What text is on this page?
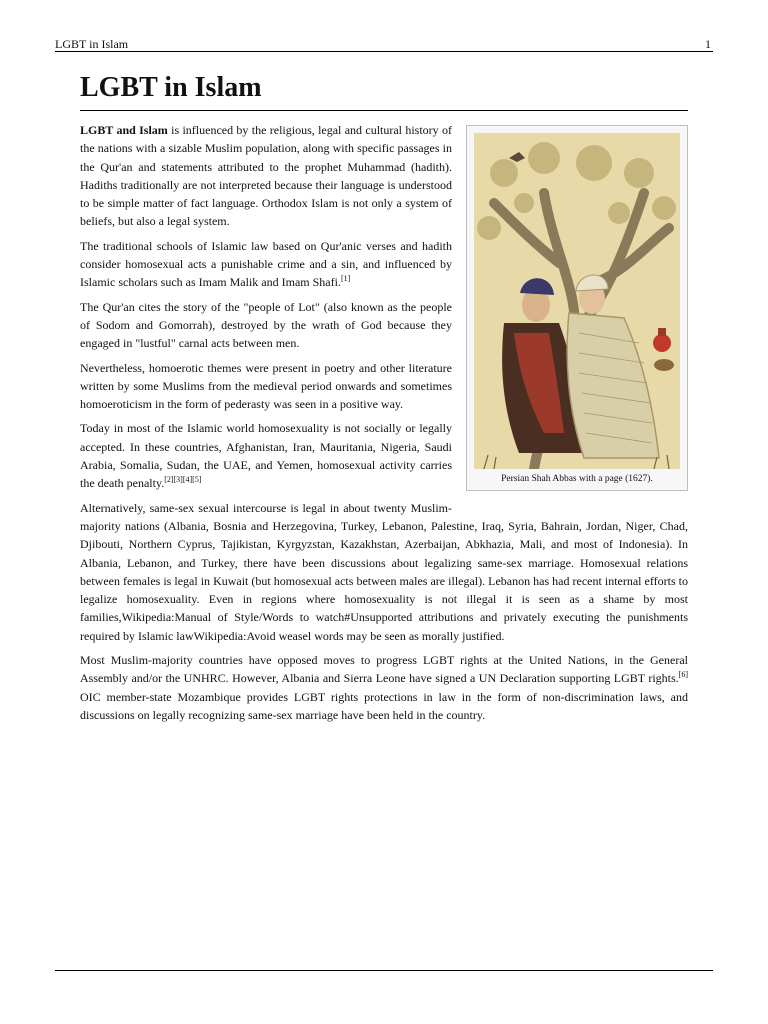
LGBT in Islam	1
LGBT in Islam
Persian Shah Abbas with a page (1627).

LGBT and Islam is influenced by the religious, legal and cultural history of the nations with a sizable Muslim population, along with specific passages in the Qur'an and statements attributed to the prophet Muhammad (hadith). Hadiths traditionally are not interpreted because their language is understood to be simple matter of fact language. Orthodox Islam is not only a system of beliefs, but also a legal system.

The traditional schools of Islamic law based on Qur'anic verses and hadith consider homosexual acts a punishable crime and a sin, and influenced by Islamic scholars such as Imam Malik and Imam Shafi.[1]

The Qur'an cites the story of the "people of Lot" (also known as the people of Sodom and Gomorrah), destroyed by the wrath of God because they engaged in "lustful" carnal acts between men.

Nevertheless, homoerotic themes were present in poetry and other literature written by some Muslims from the medieval period onwards and sometimes homoeroticism in the form of pederasty was seen in a positive way.

Today in most of the Islamic world homosexuality is not socially or legally accepted. In these countries, Afghanistan, Iran, Mauritania, Nigeria, Saudi Arabia, Somalia, Sudan, the UAE, and Yemen, homosexual activity carries the death penalty.[2][3][4][5]

Alternatively, same-sex sexual intercourse is legal in about twenty Muslim-majority nations (Albania, Bosnia and Herzegovina, Turkey, Lebanon, Palestine, Iraq, Syria, Bahrain, Jordan, Niger, Chad, Djibouti, Northern Cyprus, Tajikistan, Kyrgyzstan, Kazakhstan, Azerbaijan, Abkhazia, Mali, and most of Indonesia). In Albania, Lebanon, and Turkey, there have been discussions about legalizing same-sex marriage. Homosexual relations between females is legal in Kuwait (but homosexual acts between males are illegal). Lebanon has had recent internal efforts to legalize homosexuality. Even in regions where homosexuality is not illegal it is seen as a shame by most families,Wikipedia:Manual of Style/Words to watch#Unsupported attributions and privately executing the punishments required by Islamic lawWikipedia:Avoid weasel words may be seen as morally justified.

Most Muslim-majority countries have opposed moves to progress LGBT rights at the United Nations, in the General Assembly and/or the UNHRC. However, Albania and Sierra Leone have signed a UN Declaration supporting LGBT rights.[6] OIC member-state Mozambique provides LGBT rights protections in law in the form of non-discrimination laws, and discussions on legally recognizing same-sex marriage have been held in the country.
